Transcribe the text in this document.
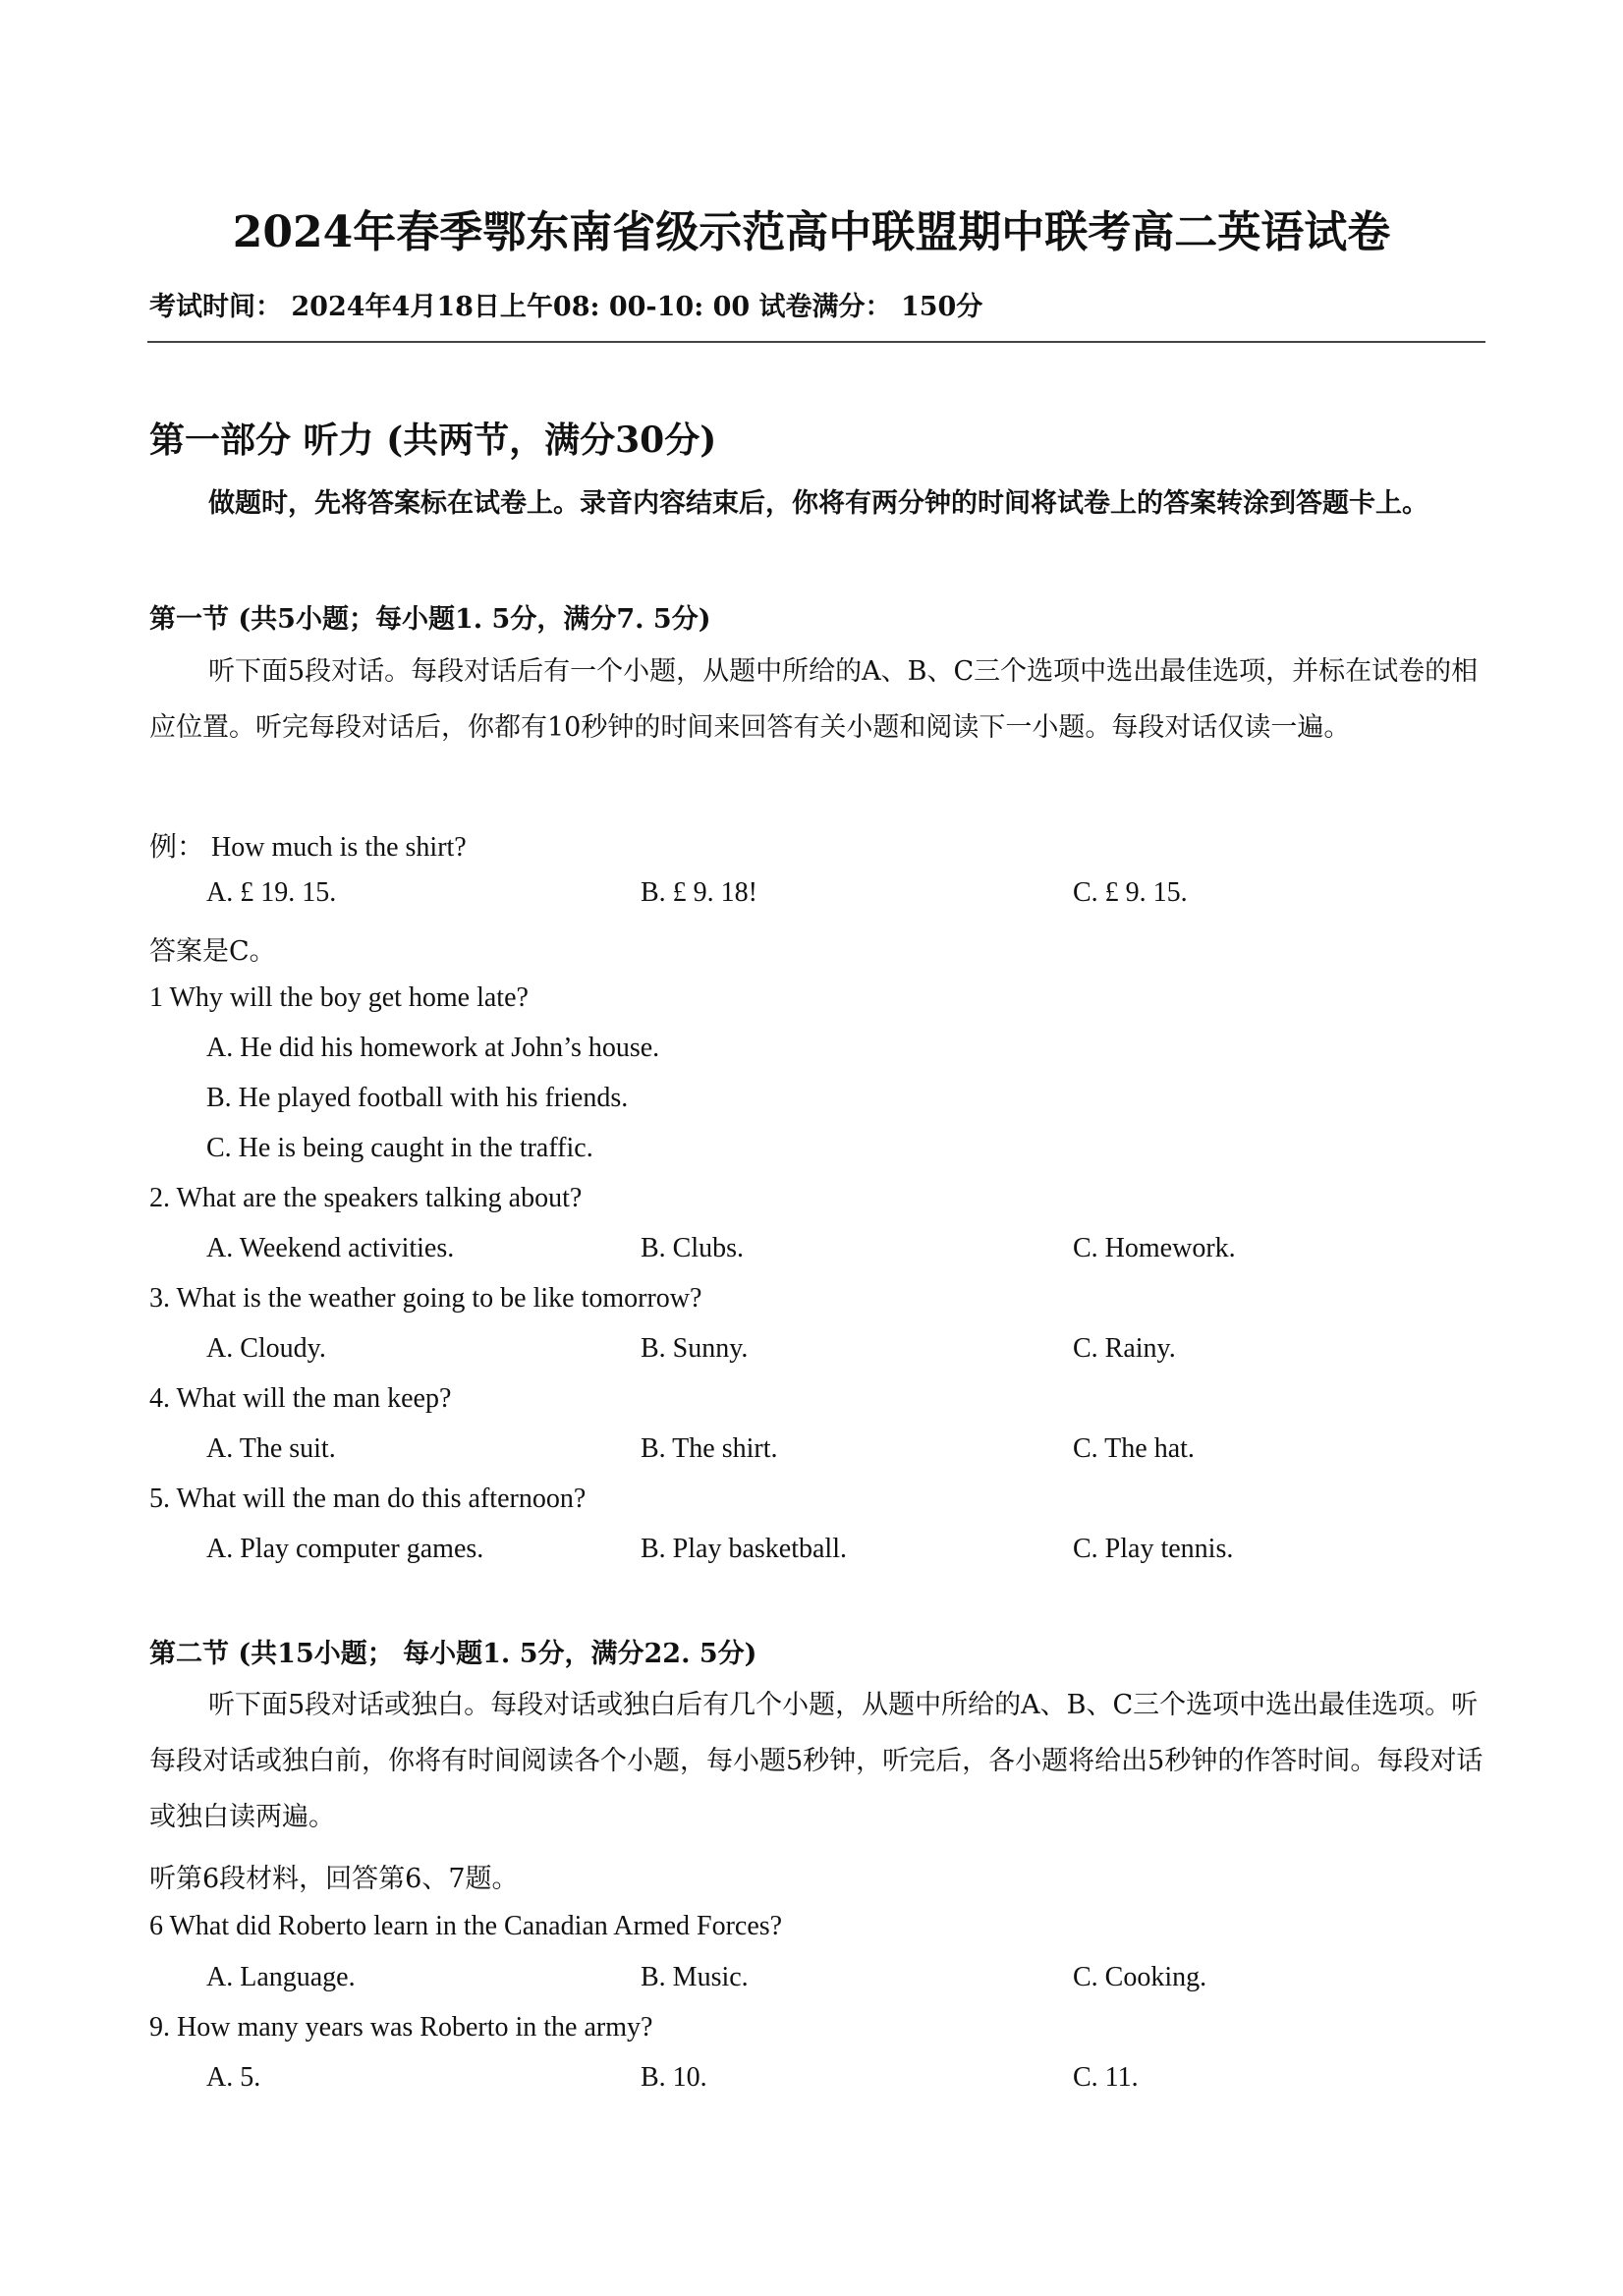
2024年春季鄂东南省级示范高中联盟期中联考高二英语试卷
考试时间： 2024年4月18日上午08: 00-10: 00 试卷满分： 150分
第一部分 听力 (共两节，满分30分)
做题时，先将答案标在试卷上。录音内容结束后，你将有两分钟的时间将试卷上的答案转涂到答题卡上。
第一节 (共5小题；每小题1. 5分，满分7. 5分)
听下面5段对话。每段对话后有一个小题，从题中所给的A、B、C三个选项中选出最佳选项，并标在试卷的相应位置。听完每段对话后，你都有10秒钟的时间来回答有关小题和阅读下一小题。每段对话仅读一遍。
例： How much is the shirt?
A. £ 19. 15.	B. £ 9. 18!	C. £ 9. 15.
答案是C。
1 Why will the boy get home late?
A. He did his homework at John’s house.
B. He played football with his friends.
C. He is being caught in the traffic.
2. What are the speakers talking about?
A. Weekend activities.	B. Clubs.	C. Homework.
3. What is the weather going to be like tomorrow?
A. Cloudy.	B. Sunny.	C. Rainy.
4. What will the man keep?
A. The suit.	B. The shirt.	C. The hat.
5. What will the man do this afternoon?
A. Play computer games.	B. Play basketball.	C. Play tennis.
第二节 (共15小题； 每小题1. 5分，满分22. 5分)
听下面5段对话或独白。每段对话或独白后有几个小题，从题中所给的A、B、C三个选项中选出最佳选项。听每段对话或独白前，你将有时间阅读各个小题，每小题5秒钟，听完后，各小题将给出5秒钟的作答时间。每段对话或独白读两遍。
听第6段材料，回答第6、7题。
6 What did Roberto learn in the Canadian Armed Forces?
A. Language.	B. Music.	C. Cooking.
9. How many years was Roberto in the army?
A. 5.	B. 10.	C. 11.
